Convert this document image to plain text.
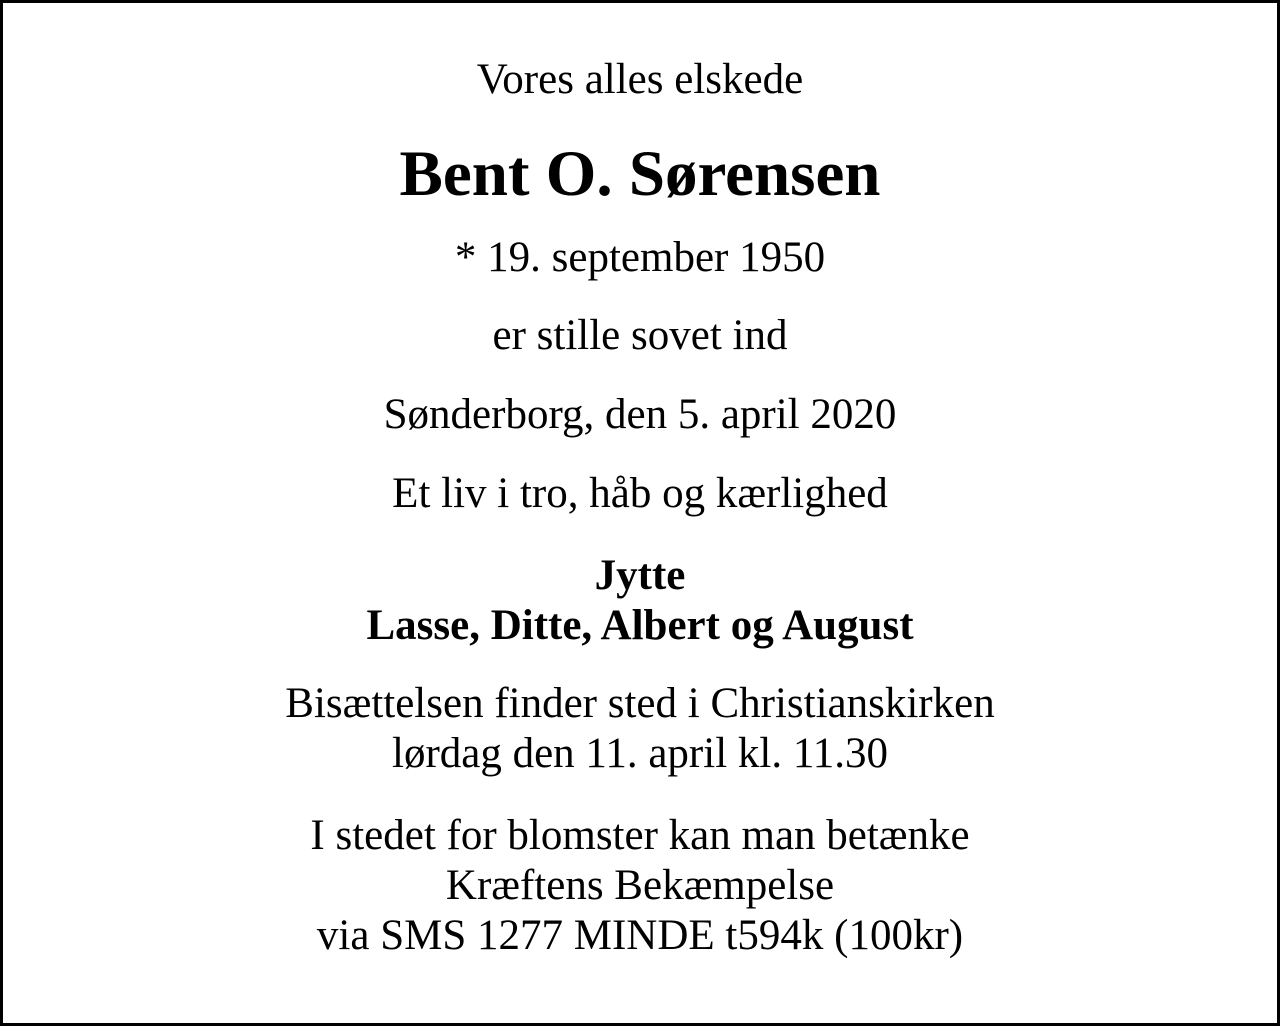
Vores alles elskede
Bent O. Sørensen
* 19. september 1950
er stille sovet ind
Sønderborg, den 5. april 2020
Et liv i tro, håb og kærlighed
Jytte
Lasse, Ditte, Albert og August
Bisættelsen finder sted i Christianskirken
lørdag den 11. april kl. 11.30
I stedet for blomster kan man betænke
Kræftens Bekæmpelse
via SMS 1277 MINDE t594k (100kr)
